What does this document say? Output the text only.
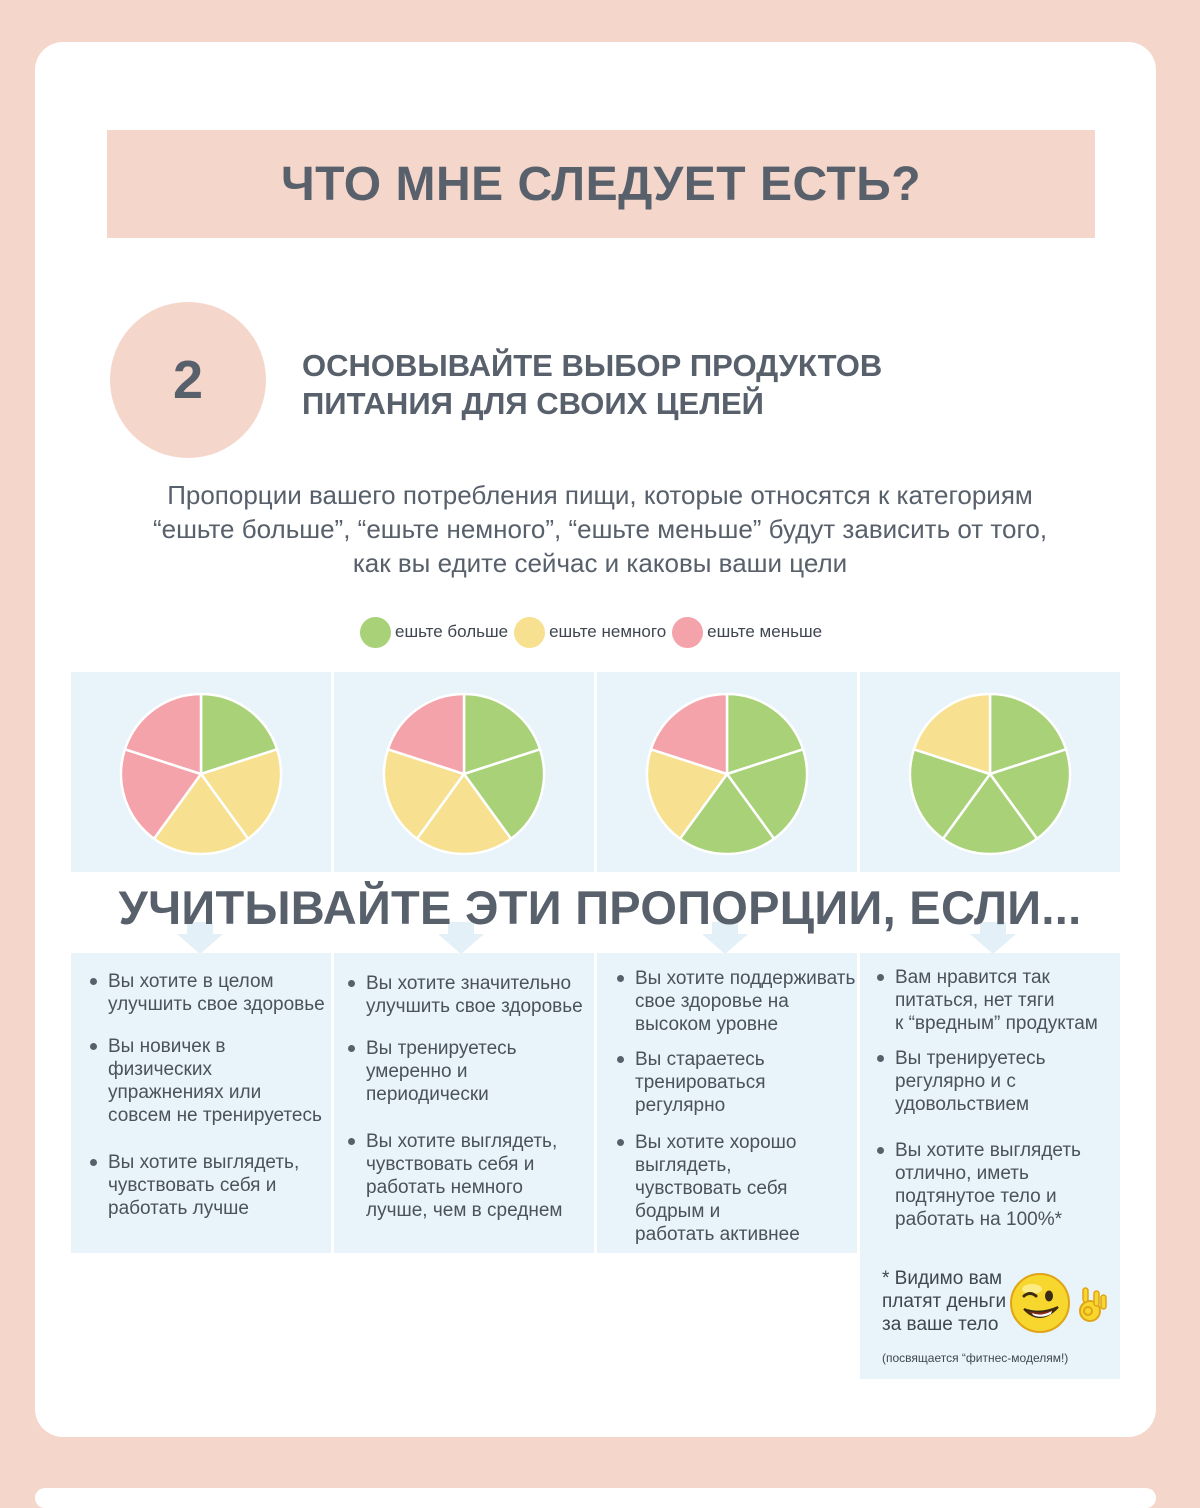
ЧТО МНЕ СЛЕДУЕТ ЕСТЬ?
2	ОСНОВЫВАЙТЕ ВЫБОР ПРОДУКТОВ
ПИТАНИЯ ДЛЯ СВОИХ ЦЕЛЕЙ
Пропорции вашего потребления пищи, которые относятся к категориям
“ешьте больше”, “ешьте немного”, “ешьте меньше” будут зависить от того,
как вы едите сейчас и каковы ваши цели
ешьте больше ешьте немного ешьте меньше
УЧИТЫВАЙТЕ ЭТИ ПРОПОРЦИИ, ЕСЛИ...
Вы хотите в целом
улучшить свое здоровье
Вы новичек в
физических
упражнениях или
совсем не тренируетесь
Вы хотите выглядеть,
чувствовать себя и
работать лучше
Вы хотите значительно
улучшить свое здоровье
Вы тренируетесь
умеренно и
периодически
Вы хотите выглядеть,
чувствовать себя и
работать немного
лучше, чем в среднем
Вы хотите поддерживать
свое здоровье на
высоком уровне
Вы стараетесь
тренироваться
регулярно
Вы хотите хорошо
выглядеть,
чувствовать себя
бодрым и
работать активнее
Вам нравится так
питаться, нет тяги
к “вредным” продуктам
Вы тренируетесь
регулярно и с
удовольствием
Вы хотите выглядеть
отлично, иметь
подтянутое тело и
работать на 100%*
* Видимо вам
платят деньги
за ваше тело
(посвящается “фитнес-моделям!)
